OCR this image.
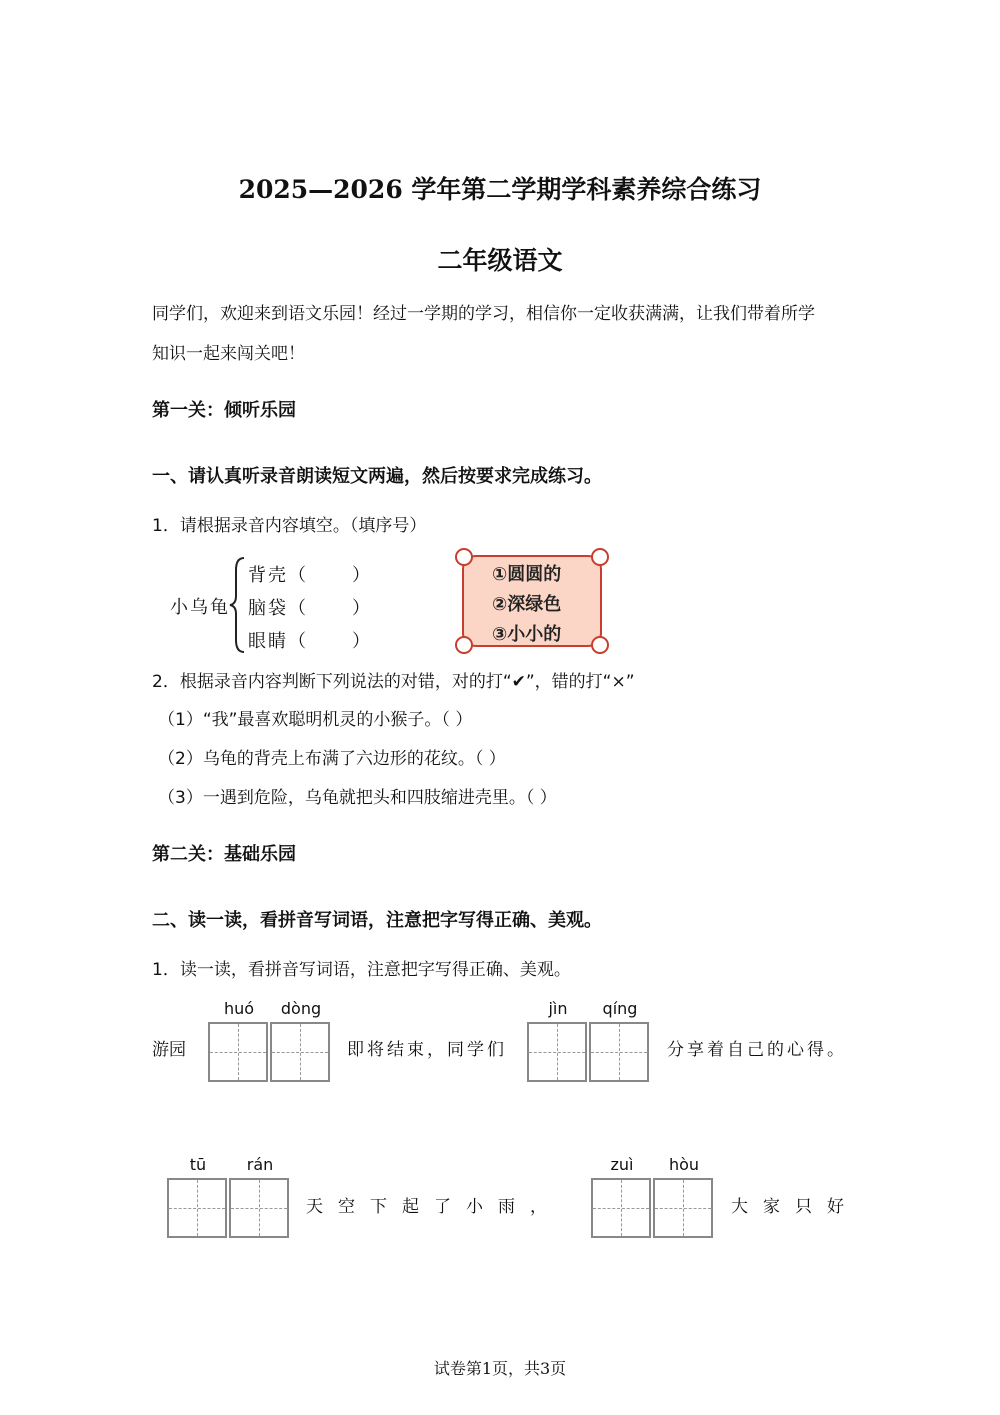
2025—2026 学年第二学期学科素养综合练习
二年级语文
同学们，欢迎来到语文乐园！经过一学期的学习，相信你一定收获满满，让我们带着所学
知识一起来闯关吧！
第一关：倾听乐园
一、请认真听录音朗读短文两遍，然后按要求完成练习。
1．请根据录音内容填空。（填序号）
小乌龟
背壳（ ）
脑袋（ ）
眼睛（ ）
①圆圆的
②深绿色
③小小的
2．根据录音内容判断下列说法的对错，对的打“✔”，错的打“×”
（1）“我”最喜欢聪明机灵的小猴子。（ ）
（2）乌龟的背壳上布满了六边形的花纹。（ ）
（3）一遇到危险，乌龟就把头和四肢缩进壳里。（ ）
第二关：基础乐园
二、读一读，看拼音写词语，注意把字写得正确、美观。
1．读一读，看拼音写词语，注意把字写得正确、美观。
游园
huó	dòng
即将结束，同学们
jìn	qíng
分享着自己的心得。
tū	rán
天空下起了小雨，
zuì	hòu
大家只好
试卷第1页，共3页
